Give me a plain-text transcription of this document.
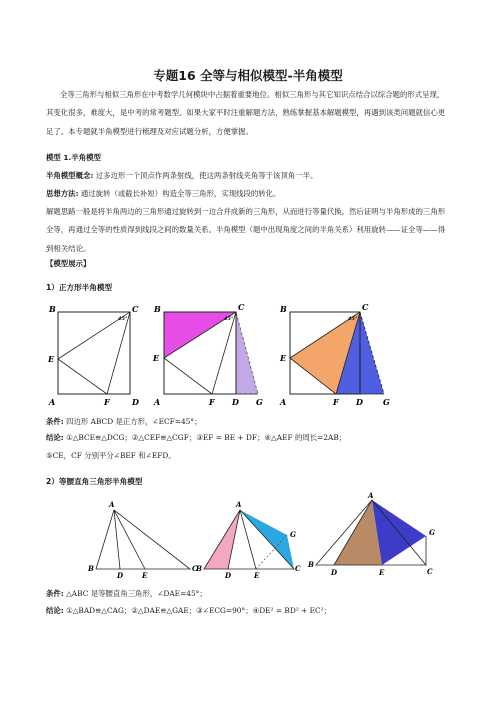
专题16 全等与相似模型-半角模型

全等三角形与相似三角形在中考数学几何模块中占据着重要地位。相似三角形与其它知识点结合以综合题的形式呈现，其变化很多，难度大，是中考的常考题型。如果大家平时注重解题方法，熟练掌握基本解题模型，再遇到该类问题就信心更足了。本专题就半角模型进行梳理及对应试题分析，方便掌握。

模型 1.半角模型
半角模型概念: 过多边形一个顶点作两条射线，使这两条射线夹角等于该顶角一半。
思想方法: 通过旋转（或截长补短）构造全等三角形，实现线段的转化。

解题思路一般是将半角两边的三角形通过旋转到一边合并成新的三角形，从而进行等量代换，然后证明与半角形成的三角形全等，再通过全等的性质得到线段之间的数量关系。半角模型（题中出现角度之间的半角关系）利用旋转——证全等——得到相关结论。

【模型展示】
1）正方形半角模型
B	C
A	D
E
F
45°
B	C
A	D
E
F	G
45°
B	C
A	D
E
F	G
45°
条件: 四边形 ABCD 是正方形，∠ECF=45°；
结论: ①△BCE≌△DCG；②△CEF≌△CGF；③EF = BE + DF；④△AEF 的周长=2AB；
⑤CE，CF 分别平分∠BEF 和∠EFD。
2）等腰直角三角形半角模型
A
B
D	E
C
A
B
D	E
C
G
A
B
D	E	C
G
条件: △ABC 是等腰直角三角形，∠DAE=45°；
结论: ①△BAD≌△CAG；②△DAE≌△GAE；③∠ECG=90°；④DE² = BD² + EC²；
